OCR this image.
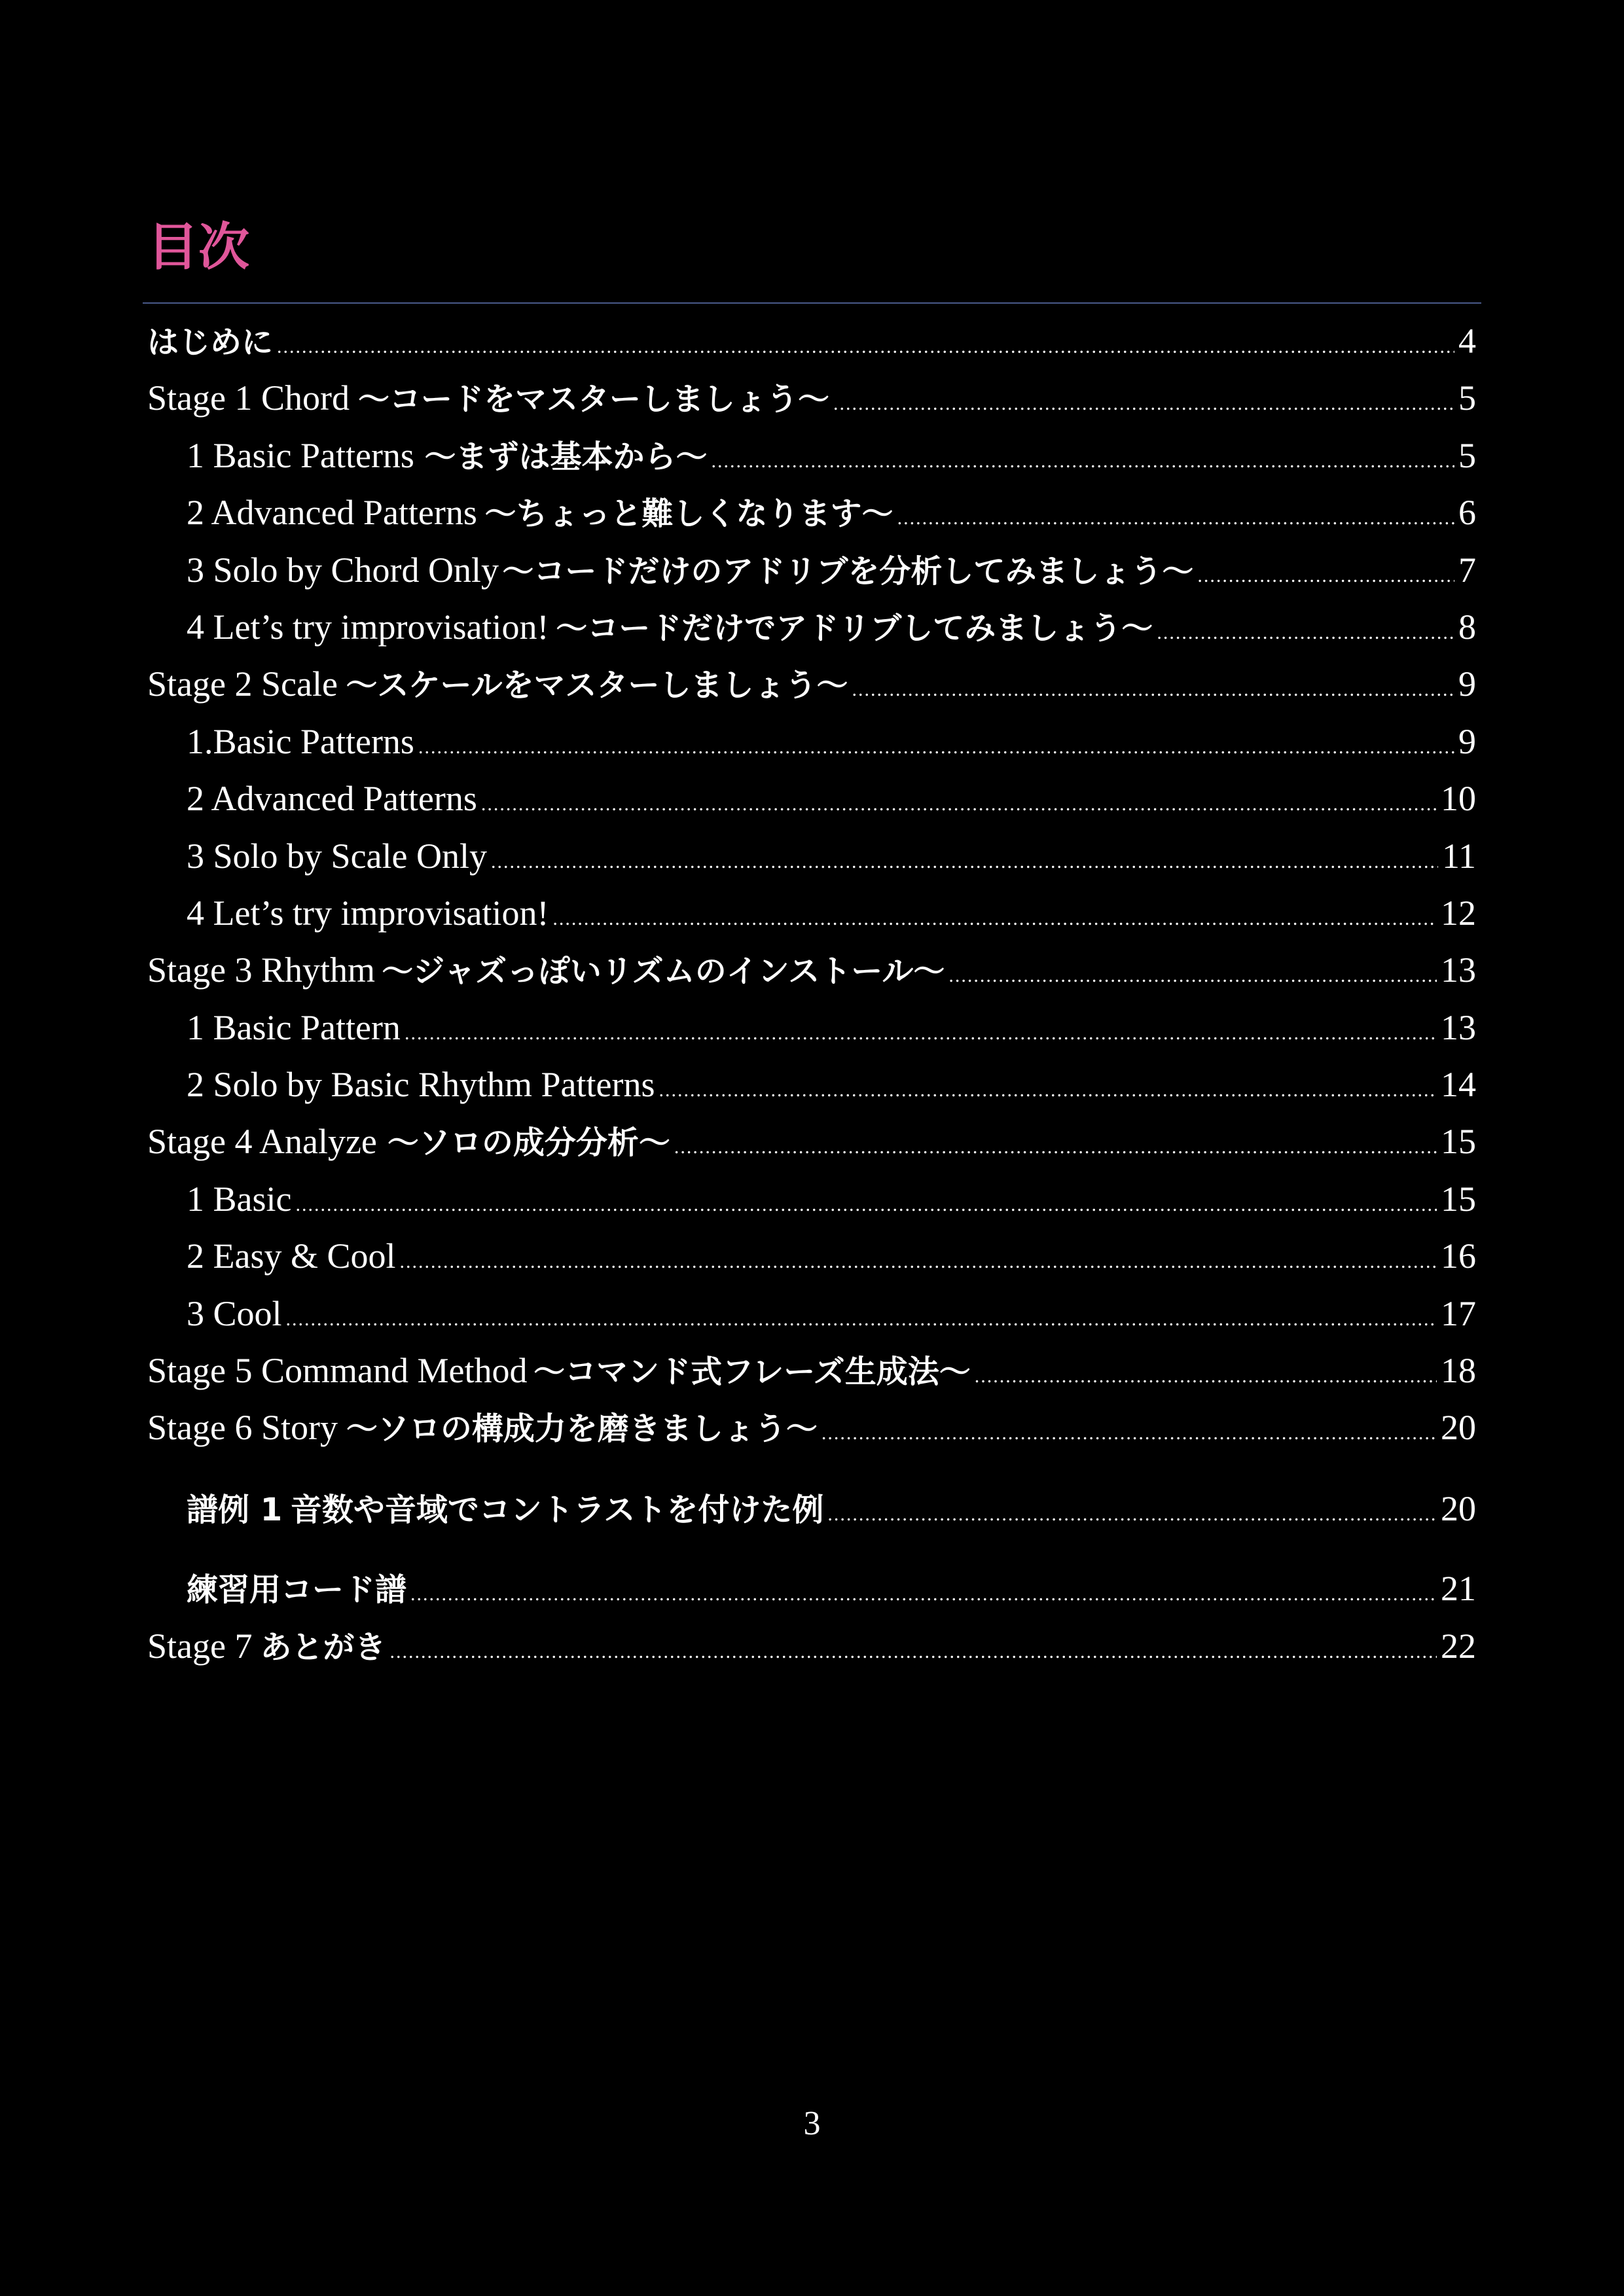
目次
はじめに .....	4
Stage 1 Chord 〜コードをマスターしましょう〜 .....	5
1 Basic Patterns 〜まずは基本から〜 .....	5
2 Advanced Patterns 〜ちょっと難しくなります〜 .....	6
3 Solo by Chord Only 〜コードだけのアドリブを分析してみましょう〜 .....	7
4 Let’s try improvisation! 〜コードだけでアドリブしてみましょう〜 .....	8
Stage 2 Scale 〜スケールをマスターしましょう〜 .....	9
1.Basic Patterns .....	9
2 Advanced Patterns .....	10
3 Solo by Scale Only .....	11
4 Let’s try improvisation! .....	12
Stage 3 Rhythm 〜ジャズっぽいリズムのインストール〜 .....	13
1 Basic Pattern .....	13
2 Solo by Basic Rhythm Patterns .....	14
Stage 4 Analyze 〜ソロの成分分析〜 .....	15
1 Basic .....	15
2 Easy & Cool .....	16
3 Cool .....	17
Stage 5 Command Method 〜コマンド式フレーズ生成法〜 .....	18
Stage 6 Story 〜ソロの構成力を磨きましょう〜 .....	20
譜例 1 音数や音域でコントラストを付けた例 .....	20
練習用コード譜 .....	21
Stage 7 あとがき .....	22
3
